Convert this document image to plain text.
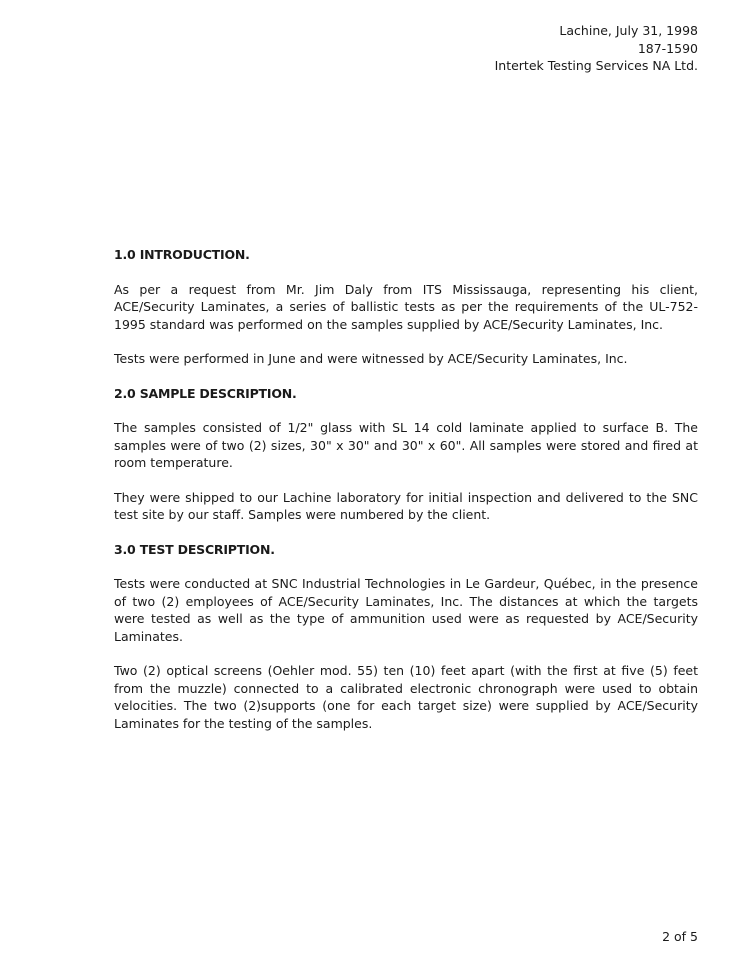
Lachine, July 31, 1998
187-1590
Intertek Testing Services NA Ltd.
1.0 INTRODUCTION.

As per a request from Mr. Jim Daly from ITS Mississauga, representing his client, ACE/Security Laminates, a series of ballistic tests as per the requirements of the UL-752-1995 standard was performed on the samples supplied by ACE/Security Laminates, Inc.

Tests were performed in June and were witnessed by ACE/Security Laminates, Inc.

2.0 SAMPLE DESCRIPTION.

The samples consisted of 1/2" glass with SL 14 cold laminate applied to surface B. The samples were of two (2) sizes, 30" x 30" and 30" x 60". All samples were stored and fired at room temperature.

They were shipped to our Lachine laboratory for initial inspection and delivered to the SNC test site by our staff. Samples were numbered by the client.

3.0 TEST DESCRIPTION.

Tests were conducted at SNC Industrial Technologies in Le Gardeur, Québec, in the presence of two (2) employees of ACE/Security Laminates, Inc. The distances at which the targets were tested as well as the type of ammunition used were as requested by ACE/Security Laminates.

Two (2) optical screens (Oehler mod. 55) ten (10) feet apart (with the first at five (5) feet from the muzzle) connected to a calibrated electronic chronograph were used to obtain velocities. The two (2)supports (one for each target size) were supplied by ACE/Security Laminates for the testing of the samples.

2 of 5
